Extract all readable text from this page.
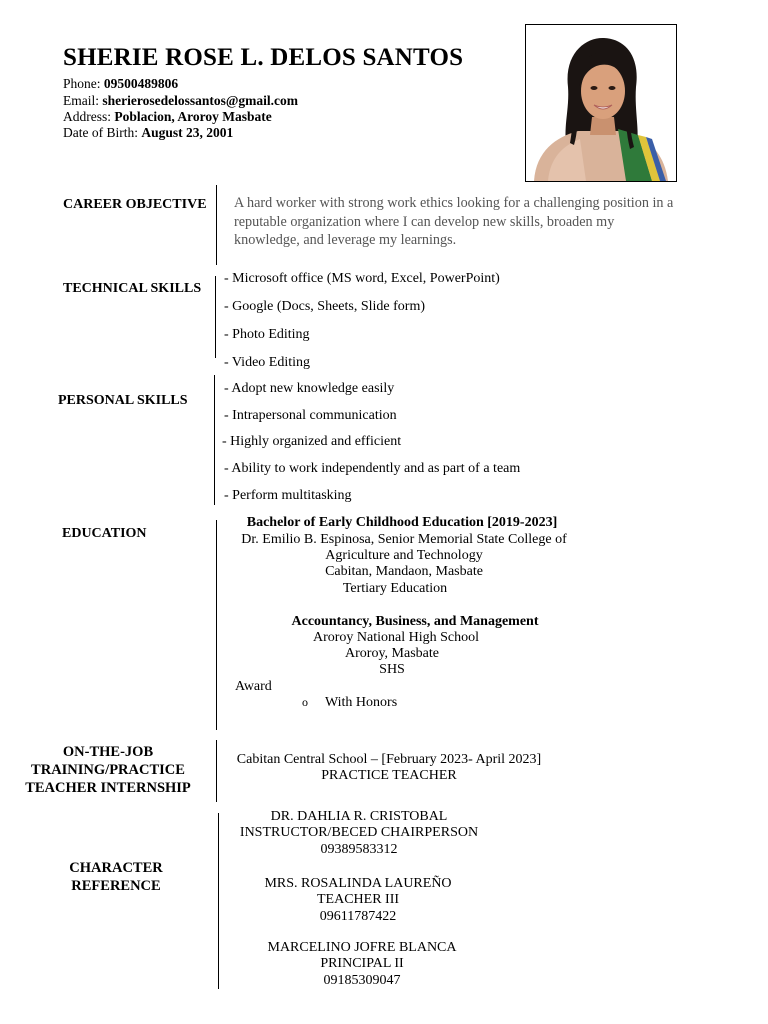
SHERIE ROSE L. DELOS SANTOS
Phone: 09500489806
Email: sherierosedelossantos@gmail.com
Address: Poblacion, Aroroy Masbate
Date of Birth: August 23, 2001
CAREER OBJECTIVE A hard worker with strong work ethics looking for a challenging position in a reputable organization where I can develop new skills, broaden my knowledge, and leverage my learnings.
TECHNICAL SKILLS
- Microsoft office (MS word, Excel, PowerPoint)
- Google (Docs, Sheets, Slide form)
- Photo Editing
- Video Editing
PERSONAL SKILLS
- Adopt new knowledge easily
- Intrapersonal communication
- Highly organized and efficient
- Ability to work independently and as part of a team
- Perform multitasking
EDUCATION
Bachelor of Early Childhood Education [2019-2023]
Dr. Emilio B. Espinosa, Senior Memorial State College of
Agriculture and Technology
Cabitan, Mandaon, Masbate
Tertiary Education
Accountancy, Business, and Management
Aroroy National High School
Aroroy, Masbate
SHS
Award
o With Honors
ON-THE-JOB
TRAINING/PRACTICE
TEACHER INTERNSHIP
Cabitan Central School – [February 2023- April 2023]
PRACTICE TEACHER
CHARACTER
REFERENCE
DR. DAHLIA R. CRISTOBAL
INSTRUCTOR/BECED CHAIRPERSON
09389583312
MRS. ROSALINDA LAUREÑO
TEACHER III
09611787422
MARCELINO JOFRE BLANCA
PRINCIPAL II
09185309047
